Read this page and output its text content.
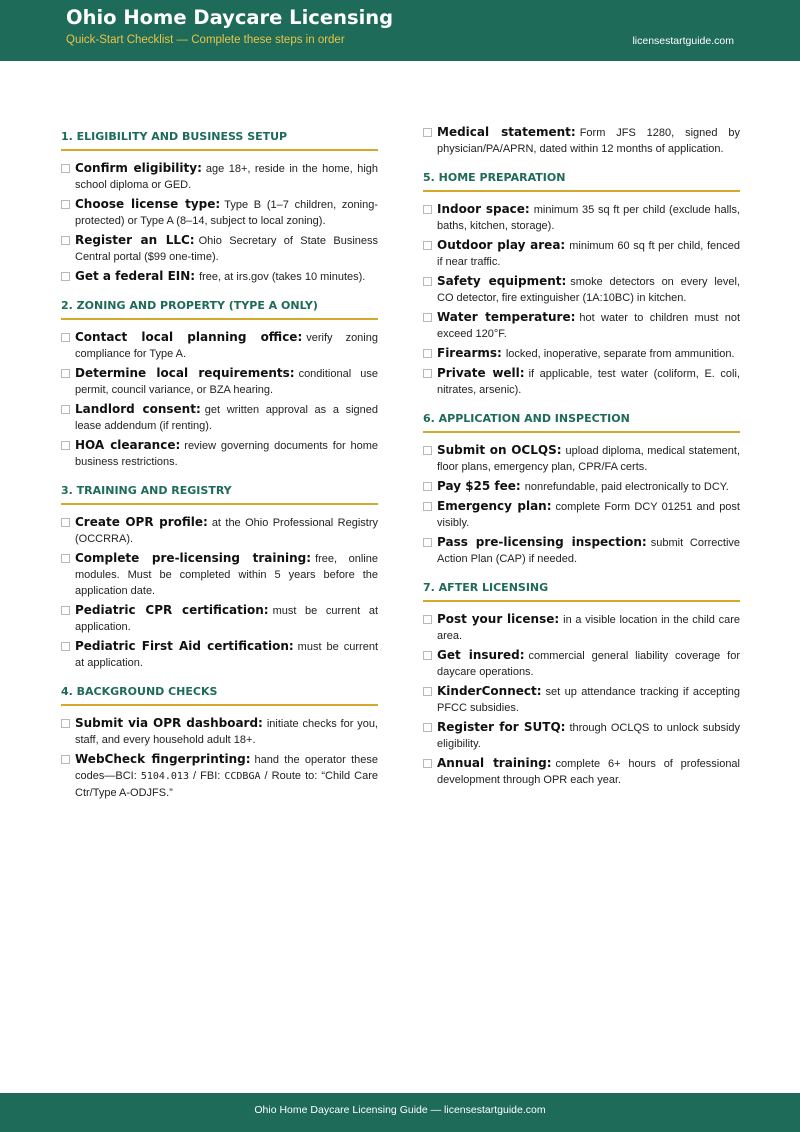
Ohio Home Daycare Licensing
Quick-Start Checklist — Complete these steps in order	licensestartguide.com
1. ELIGIBILITY AND BUSINESS SETUP
Confirm eligibility: age 18+, reside in the home, high school diploma or GED.
Choose license type: Type B (1–7 children, zoning-protected) or Type A (8–14, subject to local zoning).
Register an LLC: Ohio Secretary of State Business Central portal ($99 one-time).
Get a federal EIN: free, at irs.gov (takes 10 minutes).
2. ZONING AND PROPERTY (TYPE A ONLY)
Contact local planning office: verify zoning compliance for Type A.
Determine local requirements: conditional use permit, council variance, or BZA hearing.
Landlord consent: get written approval as a signed lease addendum (if renting).
HOA clearance: review governing documents for home business restrictions.
3. TRAINING AND REGISTRY
Create OPR profile: at the Ohio Professional Registry (OCCRRA).
Complete pre-licensing training: free, online modules. Must be completed within 5 years before the application date.
Pediatric CPR certification: must be current at application.
Pediatric First Aid certification: must be current at application.
4. BACKGROUND CHECKS
Submit via OPR dashboard: initiate checks for you, staff, and every household adult 18+.
WebCheck fingerprinting: hand the operator these codes—BCI: 5104.013 / FBI: CCDBGA / Route to: “Child Care Ctr/Type A-ODJFS.”
Medical statement: Form JFS 1280, signed by physician/PA/APRN, dated within 12 months of application.
5. HOME PREPARATION
Indoor space: minimum 35 sq ft per child (exclude halls, baths, kitchen, storage).
Outdoor play area: minimum 60 sq ft per child, fenced if near traffic.
Safety equipment: smoke detectors on every level, CO detector, fire extinguisher (1A:10BC) in kitchen.
Water temperature: hot water to children must not exceed 120°F.
Firearms: locked, inoperative, separate from ammunition.
Private well: if applicable, test water (coliform, E. coli, nitrates, arsenic).
6. APPLICATION AND INSPECTION
Submit on OCLQS: upload diploma, medical statement, floor plans, emergency plan, CPR/FA certs.
Pay $25 fee: nonrefundable, paid electronically to DCY.
Emergency plan: complete Form DCY 01251 and post visibly.
Pass pre-licensing inspection: submit Corrective Action Plan (CAP) if needed.
7. AFTER LICENSING
Post your license: in a visible location in the child care area.
Get insured: commercial general liability coverage for daycare operations.
KinderConnect: set up attendance tracking if accepting PFCC subsidies.
Register for SUTQ: through OCLQS to unlock subsidy eligibility.
Annual training: complete 6+ hours of professional development through OPR each year.
Ohio Home Daycare Licensing Guide — licensestartguide.com
